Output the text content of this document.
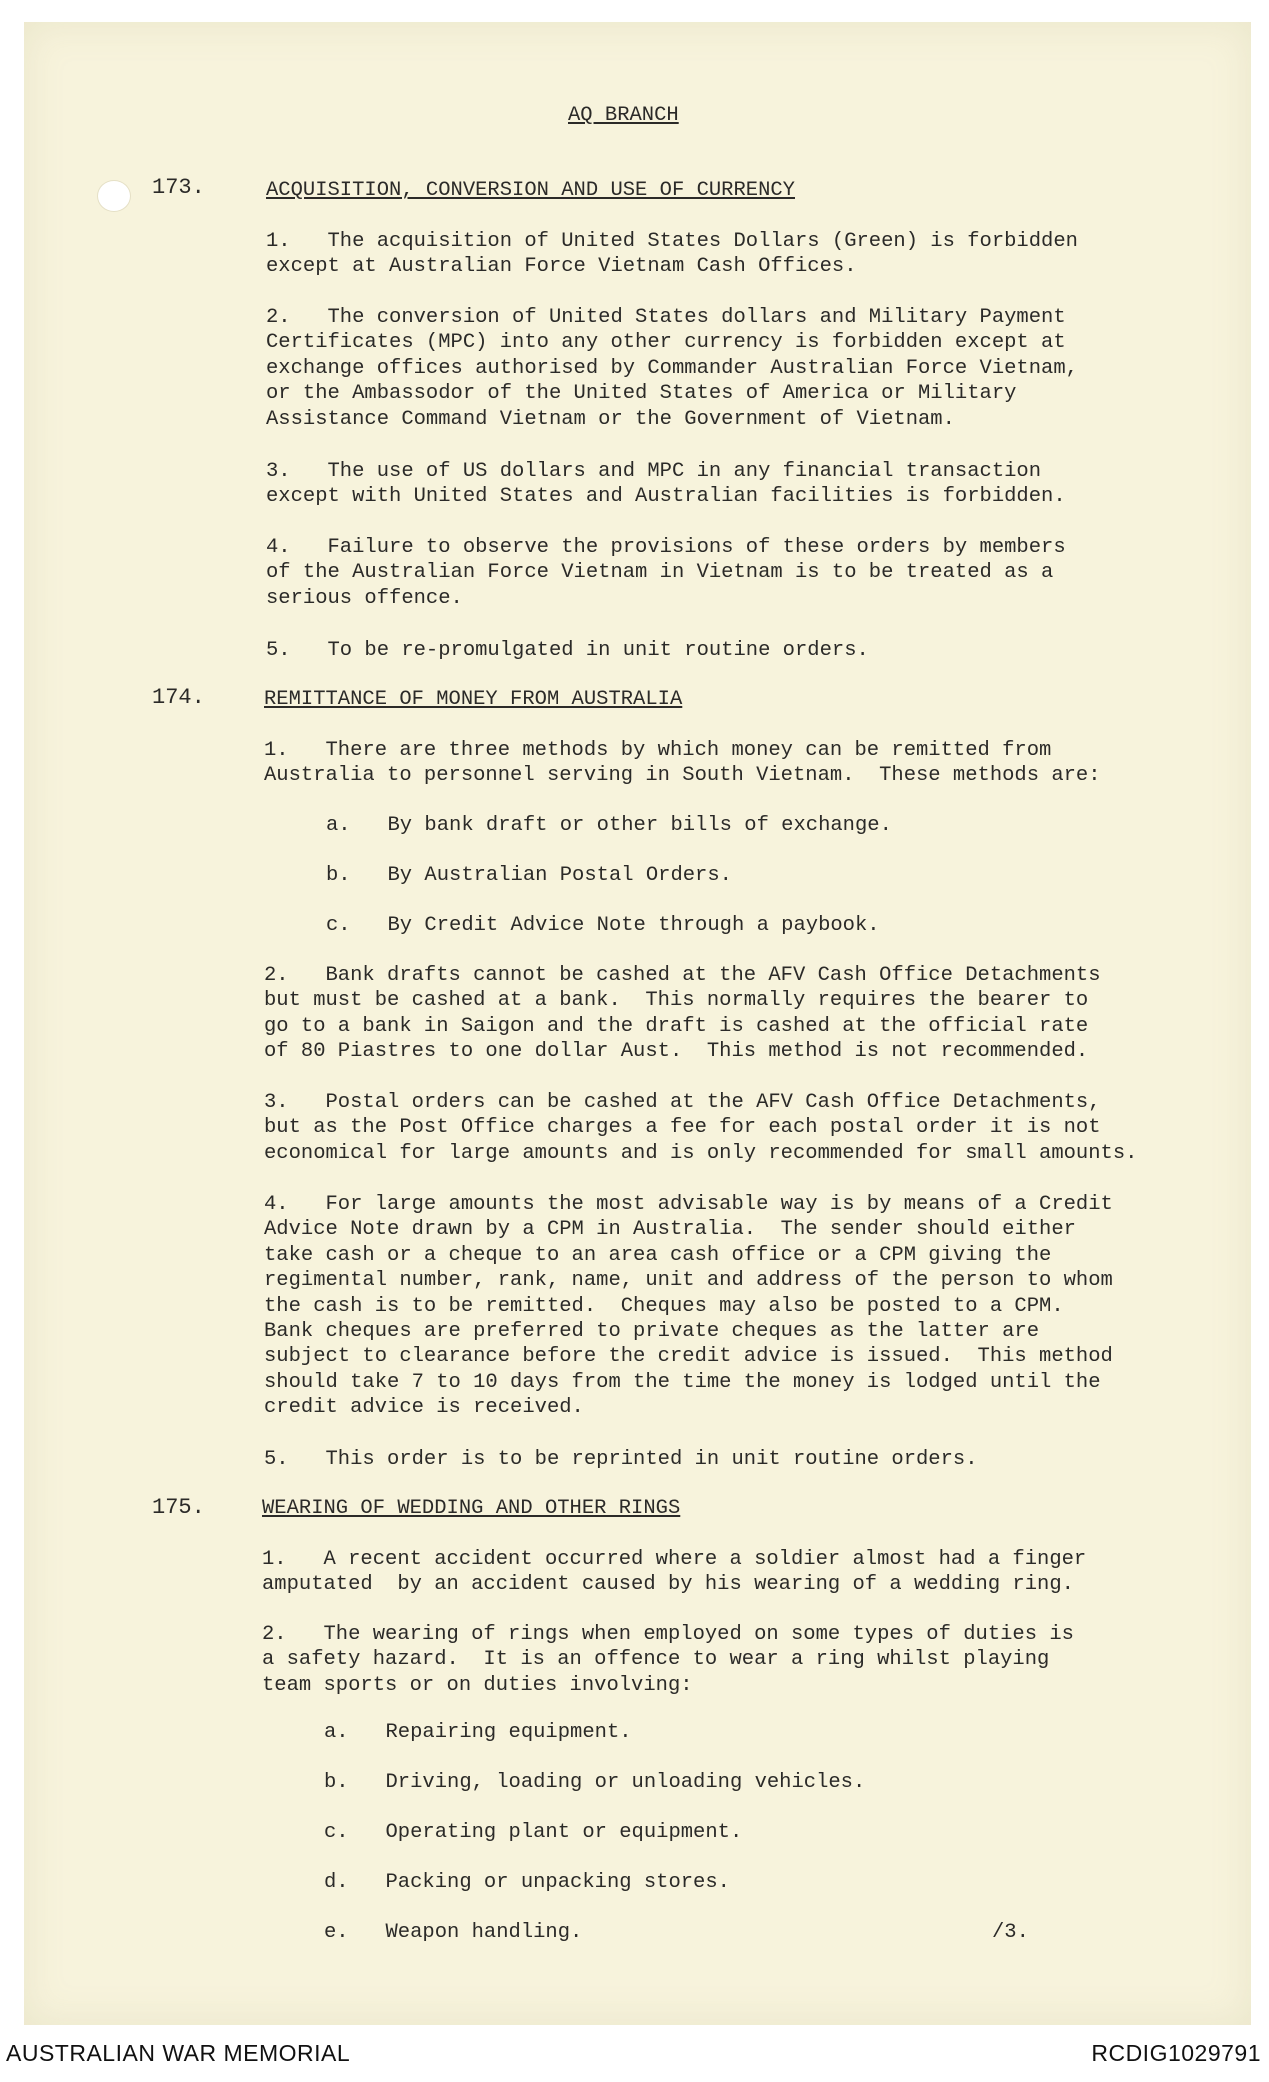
AQ BRANCH
173.	ACQUISITION, CONVERSION AND USE OF CURRENCY
1.   The acquisition of United States Dollars (Green) is forbidden
except at Australian Force Vietnam Cash Offices.
2.   The conversion of United States dollars and Military Payment
Certificates (MPC) into any other currency is forbidden except at
exchange offices authorised by Commander Australian Force Vietnam,
or the Ambassodor of the United States of America or Military
Assistance Command Vietnam or the Government of Vietnam.
3.   The use of US dollars and MPC in any financial transaction
except with United States and Australian facilities is forbidden.
4.   Failure to observe the provisions of these orders by members
of the Australian Force Vietnam in Vietnam is to be treated as a
serious offence.
5.   To be re-promulgated in unit routine orders.
174.	REMITTANCE OF MONEY FROM AUSTRALIA
1.   There are three methods by which money can be remitted from
Australia to personnel serving in South Vietnam.  These methods are:
a.   By bank draft or other bills of exchange.
b.   By Australian Postal Orders.
c.   By Credit Advice Note through a paybook.
2.   Bank drafts cannot be cashed at the AFV Cash Office Detachments
but must be cashed at a bank.  This normally requires the bearer to
go to a bank in Saigon and the draft is cashed at the official rate
of 80 Piastres to one dollar Aust.  This method is not recommended.
3.   Postal orders can be cashed at the AFV Cash Office Detachments,
but as the Post Office charges a fee for each postal order it is not
economical for large amounts and is only recommended for small amounts.
4.   For large amounts the most advisable way is by means of a Credit
Advice Note drawn by a CPM in Australia.  The sender should either
take cash or a cheque to an area cash office or a CPM giving the
regimental number, rank, name, unit and address of the person to whom
the cash is to be remitted.  Cheques may also be posted to a CPM.
Bank cheques are preferred to private cheques as the latter are
subject to clearance before the credit advice is issued.  This method
should take 7 to 10 days from the time the money is lodged until the
credit advice is received.
5.   This order is to be reprinted in unit routine orders.
175.	WEARING OF WEDDING AND OTHER RINGS
1.   A recent accident occurred where a soldier almost had a finger
amputated  by an accident caused by his wearing of a wedding ring.
2.   The wearing of rings when employed on some types of duties is
a safety hazard.  It is an offence to wear a ring whilst playing
team sports or on duties involving:
a.   Repairing equipment.
b.   Driving, loading or unloading vehicles.
c.   Operating plant or equipment.
d.   Packing or unpacking stores.
e.   Weapon handling.	/3.
AUSTRALIAN WAR MEMORIAL	RCDIG1029791
